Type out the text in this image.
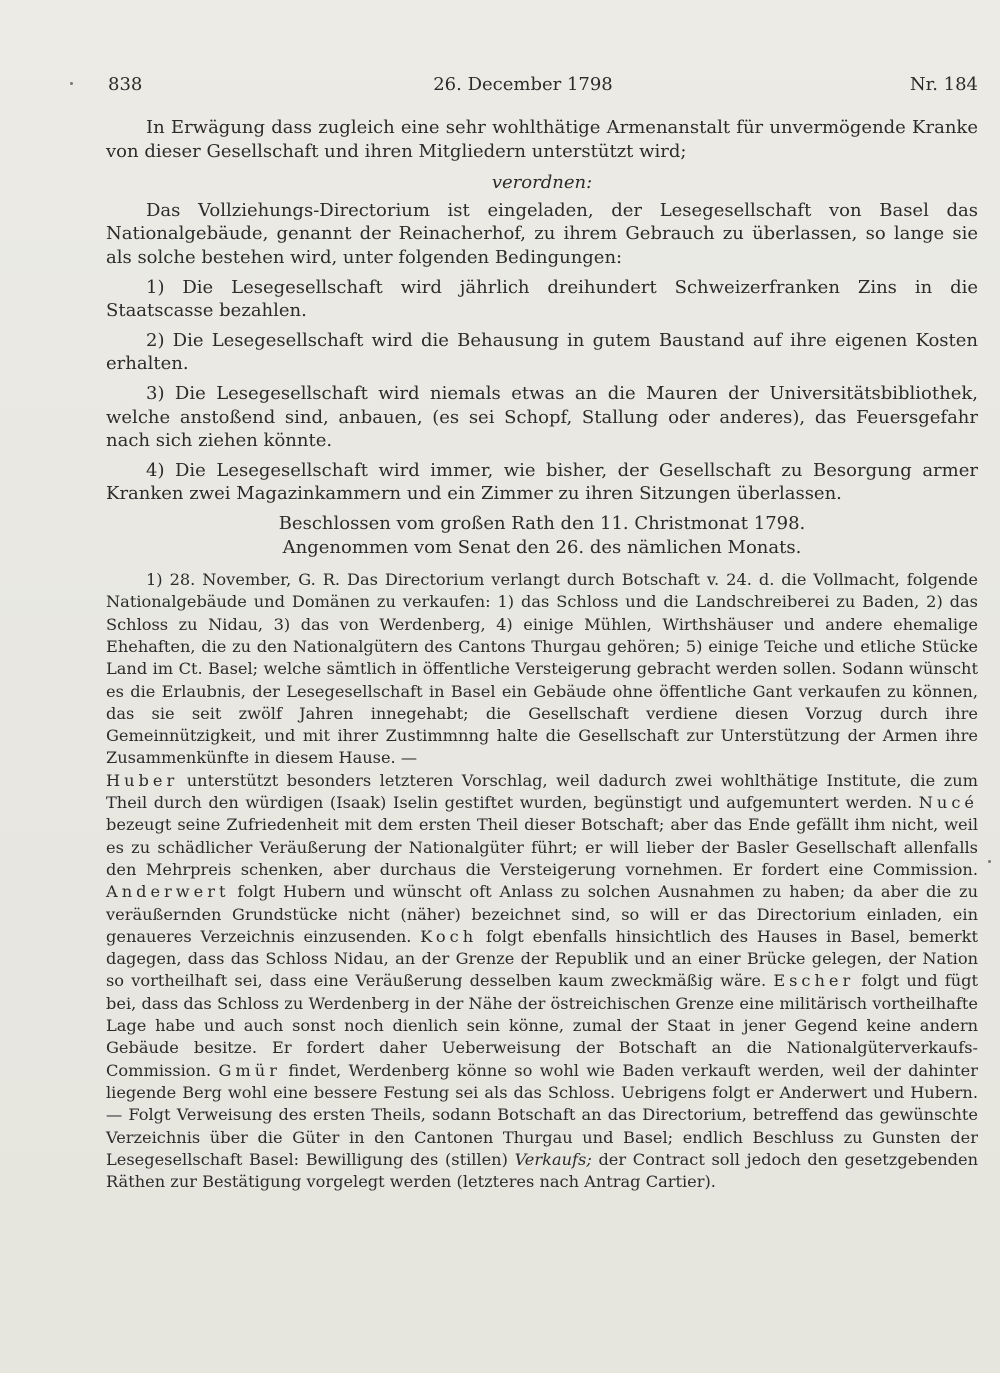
838	26. December 1798	Nr. 184

In Erwägung dass zugleich eine sehr wohlthätige Armenanstalt für unvermögende Kranke von dieser Gesellschaft und ihren Mitgliedern unterstützt wird;

verordnen:

Das Vollziehungs-Directorium ist eingeladen, der Lesegesellschaft von Basel das Nationalgebäude, genannt der Reinacherhof, zu ihrem Gebrauch zu überlassen, so lange sie als solche bestehen wird, unter folgenden Bedingungen:

1) Die Lesegesellschaft wird jährlich dreihundert Schweizerfranken Zins in die Staatscasse bezahlen.

2) Die Lesegesellschaft wird die Behausung in gutem Baustand auf ihre eigenen Kosten erhalten.

3) Die Lesegesellschaft wird niemals etwas an die Mauren der Universitätsbibliothek, welche anstoßend sind, anbauen, (es sei Schopf, Stallung oder anderes), das Feuersgefahr nach sich ziehen könnte.

4) Die Lesegesellschaft wird immer, wie bisher, der Gesellschaft zu Besorgung armer Kranken zwei Magazinkammern und ein Zimmer zu ihren Sitzungen überlassen.

Beschlossen vom großen Rath den 11. Christmonat 1798.

Angenommen vom Senat den 26. des nämlichen Monats.

1) 28. November, G. R. Das Directorium verlangt durch Botschaft v. 24. d. die Vollmacht, folgende Nationalgebäude und Domänen zu verkaufen: 1) das Schloss und die Landschreiberei zu Baden, 2) das Schloss zu Nidau, 3) das von Werdenberg, 4) einige Mühlen, Wirthshäuser und andere ehemalige Ehehaften, die zu den Nationalgütern des Cantons Thurgau gehören; 5) einige Teiche und etliche Stücke Land im Ct. Basel; welche sämtlich in öffentliche Versteigerung gebracht werden sollen. Sodann wünscht es die Erlaubnis, der Lesegesellschaft in Basel ein Gebäude ohne öffentliche Gant verkaufen zu können, das sie seit zwölf Jahren innegehabt; die Gesellschaft verdiene diesen Vorzug durch ihre Gemeinnützigkeit, und mit ihrer Zustimmnng halte die Gesellschaft zur Unterstützung der Armen ihre Zusammenkünfte in diesem Hause. —
Huber unterstützt besonders letzteren Vorschlag, weil dadurch zwei wohlthätige Institute, die zum Theil durch den würdigen (Isaak) Iselin gestiftet wurden, begünstigt und aufgemuntert werden. Nucé bezeugt seine Zufriedenheit mit dem ersten Theil dieser Botschaft; aber das Ende gefällt ihm nicht, weil es zu schädlicher Veräußerung der Nationalgüter führt; er will lieber der Basler Gesellschaft allenfalls den Mehrpreis schenken, aber durchaus die Versteigerung vornehmen. Er fordert eine Commission. Anderwert folgt Hubern und wünscht oft Anlass zu solchen Ausnahmen zu haben; da aber die zu veräußernden Grundstücke nicht (näher) bezeichnet sind, so will er das Directorium einladen, ein genaueres Verzeichnis einzusenden. Koch folgt ebenfalls hinsichtlich des Hauses in Basel, bemerkt dagegen, dass das Schloss Nidau, an der Grenze der Republik und an einer Brücke gelegen, der Nation so vortheilhaft sei, dass eine Veräußerung desselben kaum zweckmäßig wäre. Escher folgt und fügt bei, dass das Schloss zu Werdenberg in der Nähe der östreichischen Grenze eine militärisch vortheilhafte Lage habe und auch sonst noch dienlich sein könne, zumal der Staat in jener Gegend keine andern Gebäude besitze. Er fordert daher Ueberweisung der Botschaft an die Nationalgüterverkaufs-Commission. Gmür findet, Werdenberg könne so wohl wie Baden verkauft werden, weil der dahinter liegende Berg wohl eine bessere Festung sei als das Schloss. Uebrigens folgt er Anderwert und Hubern. — Folgt Verweisung des ersten Theils, sodann Botschaft an das Directorium, betreffend das gewünschte Verzeichnis über die Güter in den Cantonen Thurgau und Basel; endlich Beschluss zu Gunsten der Lesegesellschaft Basel: Bewilligung des (stillen) Verkaufs; der Contract soll jedoch den gesetzgebenden Räthen zur Bestätigung vorgelegt werden (letzteres nach Antrag Cartier).
